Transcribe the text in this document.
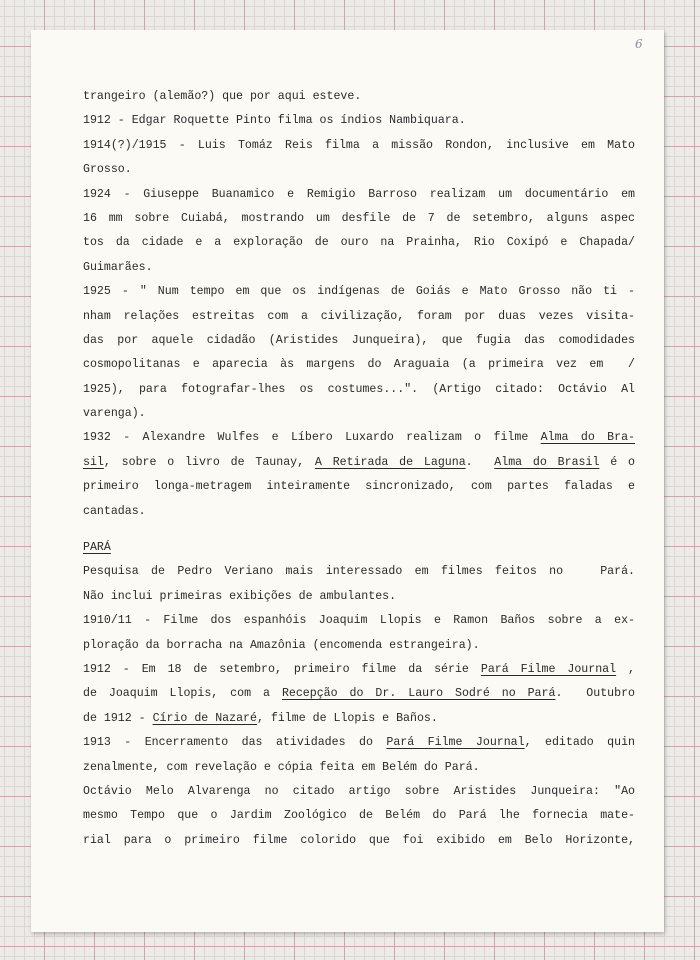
6
trangeiro (alemão?) que por aqui esteve.
1912 - Edgar Roquette Pinto filma os índios Nambiquara.
1914(?)/1915 - Luis Tomáz Reis filma a missão Rondon, inclusive em Mato
Grosso.
1924 - Giuseppe Buanamico e Remigio Barroso realizam um documentário em
16 mm sobre Cuiabá, mostrando um desfile de 7 de setembro, alguns aspec
tos da cidade e a exploração de ouro na Prainha, Rio Coxipó e Chapada/
Guimarães.
1925 - " Num tempo em que os indígenas de Goiás e Mato Grosso não ti -
nham relações estreitas com a civilização, foram por duas vezes visita-
das por aquele cidadão (Aristides Junqueira), que fugia das comodidades
cosmopolitanas e aparecia às margens do Araguaia (a primeira vez em  /
1925), para fotografar-lhes os costumes...". (Artigo citado: Octávio Al
varenga).
1932 - Alexandre Wulfes e Líbero Luxardo realizam o filme Alma do Bra-
sil, sobre o livro de Taunay, A Retirada de Laguna.  Alma do Brasil é o
primeiro longa-metragem inteiramente sincronizado, com partes faladas e
cantadas.
PARÁ
Pesquisa de Pedro Veriano mais interessado em filmes feitos no   Pará.
Não inclui primeiras exibições de ambulantes.
1910/11 - Filme dos espanhóis Joaquim Llopis e Ramon Baños sobre a ex-
ploração da borracha na Amazônia (encomenda estrangeira).
1912 - Em 18 de setembro, primeiro filme da série Pará Filme Journal ,
de Joaquim Llopis, com a Recepção do Dr. Lauro Sodré no Pará.  Outubro
de 1912 - Círio de Nazaré, filme de Llopis e Baños.
1913 - Encerramento das atividades do Pará Filme Journal, editado quin
zenalmente, com revelação e cópia feita em Belém do Pará.
Octávio Melo Alvarenga no citado artigo sobre Aristides Junqueira: "Ao
mesmo Tempo que o Jardim Zoológico de Belém do Pará lhe fornecia mate-
rial para o primeiro filme colorido que foi exibido em Belo Horizonte,
